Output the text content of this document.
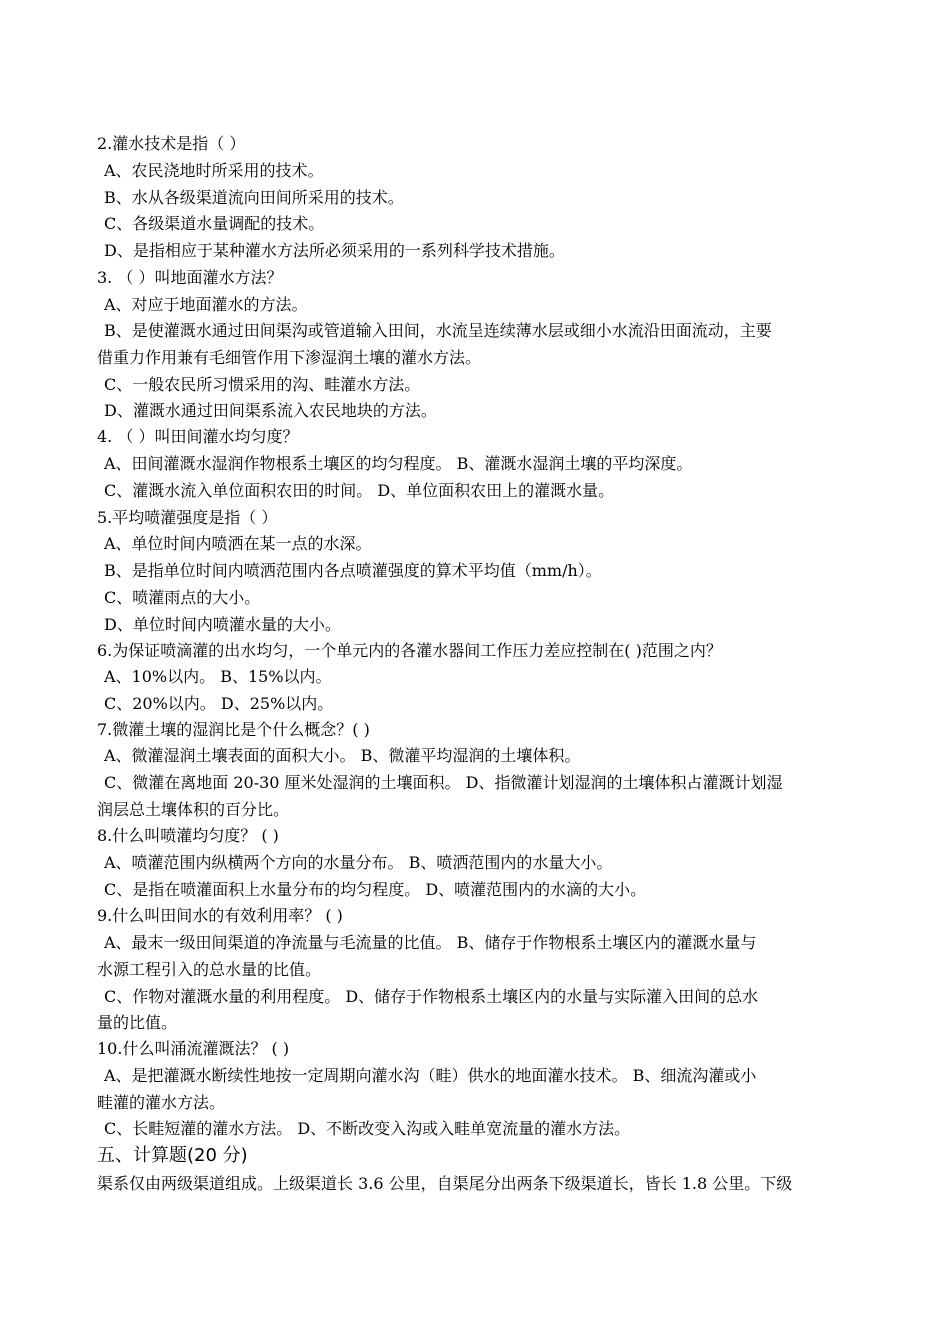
2.灌水技术是指（ ）
A、农民浇地时所采用的技术。
B、水从各级渠道流向田间所采用的技术。
C、各级渠道水量调配的技术。
D、是指相应于某种灌水方法所必须采用的一系列科学技术措施。
3. （ ）叫地面灌水方法？
A、对应于地面灌水的方法。
B、是使灌溉水通过田间渠沟或管道输入田间，水流呈连续薄水层或细小水流沿田面流动，主要
借重力作用兼有毛细管作用下渗湿润土壤的灌水方法。
C、一般农民所习惯采用的沟、畦灌水方法。
D、灌溉水通过田间渠系流入农民地块的方法。
4. （ ）叫田间灌水均匀度？
A、田间灌溉水湿润作物根系土壤区的均匀程度。 B、灌溉水湿润土壤的平均深度。
C、灌溉水流入单位面积农田的时间。 D、单位面积农田上的灌溉水量。
5.平均喷灌强度是指（ ）
A、单位时间内喷洒在某一点的水深。
B、是指单位时间内喷洒范围内各点喷灌强度的算术平均值（mm/h）。
C、喷灌雨点的大小。
D、单位时间内喷灌水量的大小。
6.为保证喷滴灌的出水均匀，一个单元内的各灌水器间工作压力差应控制在( )范围之内？
A、10%以内。 B、15%以内。
C、20%以内。 D、25%以内。
7.微灌土壤的湿润比是个什么概念？( )
A、微灌湿润土壤表面的面积大小。 B、微灌平均湿润的土壤体积。
C、微灌在离地面 20-30 厘米处湿润的土壤面积。 D、指微灌计划湿润的土壤体积占灌溉计划湿
润层总土壤体积的百分比。
8.什么叫喷灌均匀度？ ( )
A、喷灌范围内纵横两个方向的水量分布。 B、喷洒范围内的水量大小。
C、是指在喷灌面积上水量分布的均匀程度。 D、喷灌范围内的水滴的大小。
9.什么叫田间水的有效利用率？ ( )
A、最末一级田间渠道的净流量与毛流量的比值。 B、储存于作物根系土壤区内的灌溉水量与
水源工程引入的总水量的比值。
C、作物对灌溉水量的利用程度。 D、储存于作物根系土壤区内的水量与实际灌入田间的总水
量的比值。
10.什么叫涌流灌溉法？ ( )
A、是把灌溉水断续性地按一定周期向灌水沟（畦）供水的地面灌水技术。 B、细流沟灌或小
畦灌的灌水方法。
C、长畦短灌的灌水方法。 D、不断改变入沟或入畦单宽流量的灌水方法。
五、计算题(20 分)
渠系仅由两级渠道组成。上级渠道长 3.6 公里，自渠尾分出两条下级渠道长，皆长 1.8 公里。下级
